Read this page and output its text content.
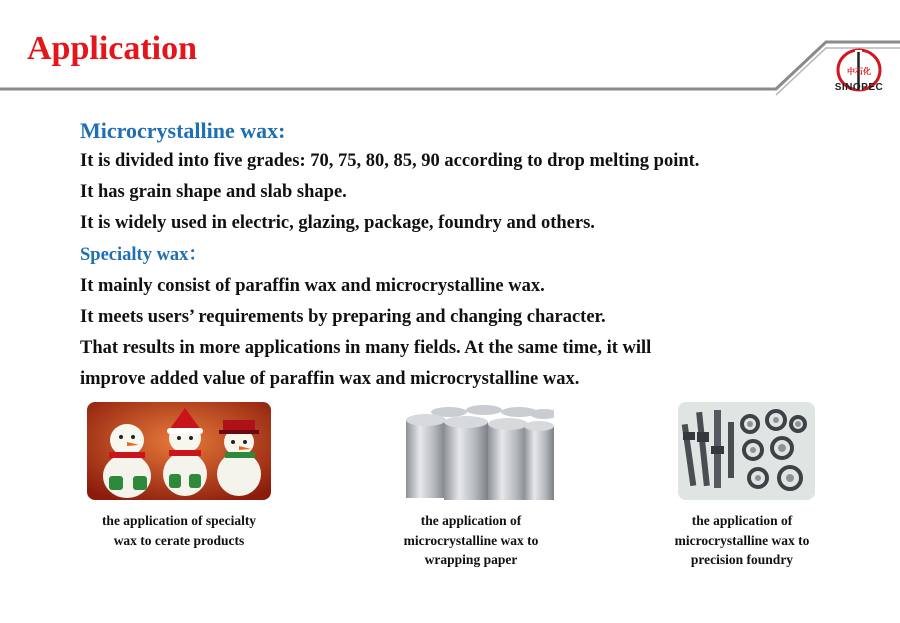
Application
中石化
SINOPEC
Microcrystalline wax:
It is divided into five grades: 70, 75, 80, 85, 90 according to drop melting point.
It has grain shape and slab shape.
It is widely used in electric, glazing, package, foundry and others.
Specialty wax：
It mainly consist of paraffin wax and microcrystalline wax.
It meets users’ requirements by preparing and changing character.
That results in more applications in many fields. At the same time, it will
improve added value of paraffin wax and microcrystalline wax.
the application of specialty
wax to cerate products
the application of
microcrystalline wax to
wrapping paper
the application of
microcrystalline wax to
precision foundry
